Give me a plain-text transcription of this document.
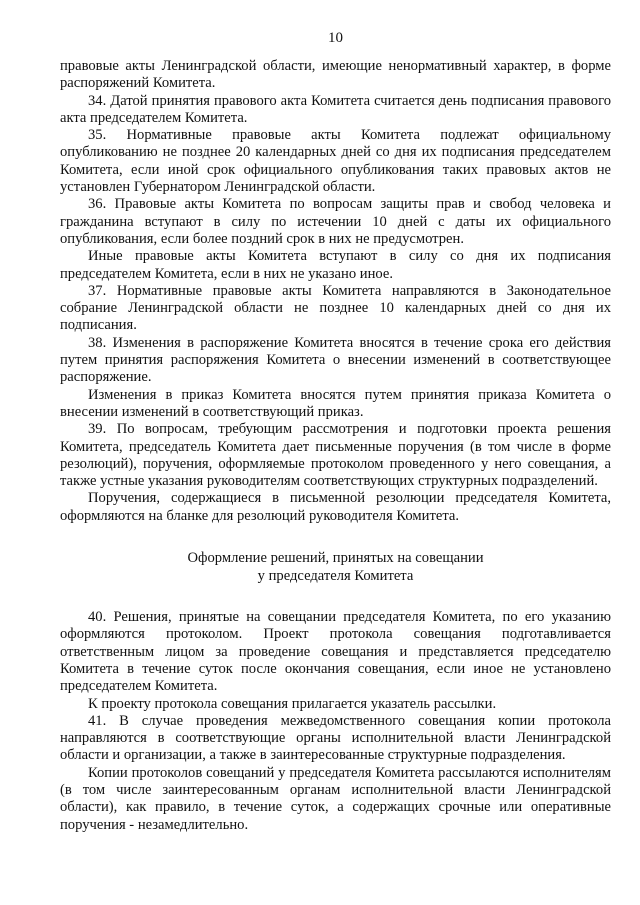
10

правовые акты Ленинградской области, имеющие ненормативный характер, в форме распоряжений Комитета.

34. Датой принятия правового акта Комитета считается день подписания правового акта председателем Комитета.

35. Нормативные правовые акты Комитета подлежат официальному опубликованию не позднее 20 календарных дней со дня их подписания председателем Комитета, если иной срок официального опубликования таких правовых актов не установлен Губернатором Ленинградской области.

36. Правовые акты Комитета по вопросам защиты прав и свобод человека и гражданина вступают в силу по истечении 10 дней с даты их официального опубликования, если более поздний срок в них не предусмотрен.

Иные правовые акты Комитета вступают в силу со дня их подписания председателем Комитета, если в них не указано иное.

37. Нормативные правовые акты Комитета направляются в Законодательное собрание Ленинградской области не позднее 10 календарных дней со дня их подписания.

38. Изменения в распоряжение Комитета вносятся в течение срока его действия путем принятия распоряжения Комитета о внесении изменений в соответствующее распоряжение.

Изменения в приказ Комитета вносятся путем принятия приказа Комитета о внесении изменений в соответствующий приказ.

39. По вопросам, требующим рассмотрения и подготовки проекта решения Комитета, председатель Комитета дает письменные поручения (в том числе в форме резолюций), поручения, оформляемые протоколом проведенного у него совещания, а также устные указания руководителям соответствующих структурных подразделений.

Поручения, содержащиеся в письменной резолюции председателя Комитета, оформляются на бланке для резолюций руководителя Комитета.

Оформление решений, принятых на совещании
у председателя Комитета

40. Решения, принятые на совещании председателя Комитета, по его указанию оформляются протоколом. Проект протокола совещания подготавливается ответственным лицом за проведение совещания и представляется председателю Комитета в течение суток после окончания совещания, если иное не установлено председателем Комитета.

К проекту протокола совещания прилагается указатель рассылки.

41. В случае проведения межведомственного совещания копии протокола направляются в соответствующие органы исполнительной власти Ленинградской области и организации, а также в заинтересованные структурные подразделения.

Копии протоколов совещаний у председателя Комитета рассылаются исполнителям (в том числе заинтересованным органам исполнительной власти Ленинградской области), как правило, в течение суток, а содержащих срочные или оперативные поручения - незамедлительно.
